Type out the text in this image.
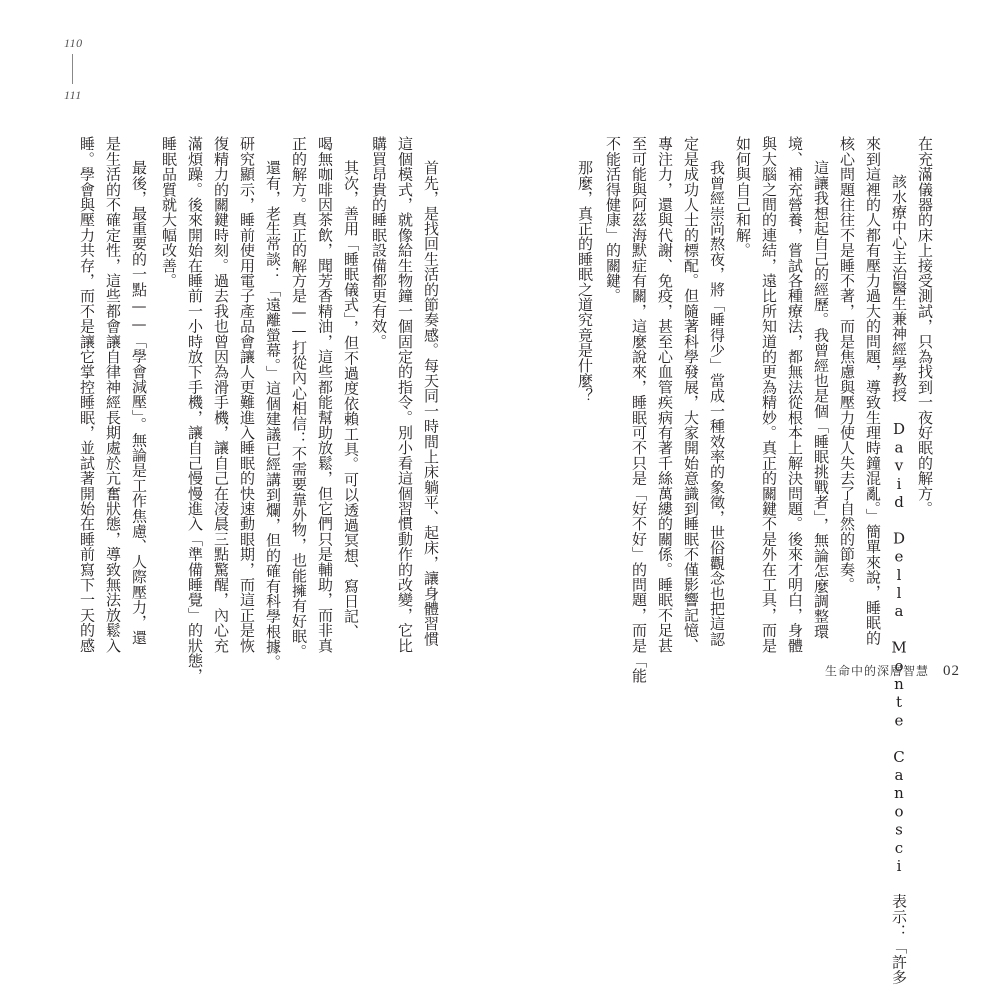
110
111
在充滿儀器的床上接受測試，只為找到一夜好眠的解方。
該水療中心主治醫生兼神經學教授 David Della Monte Canosci 表示：「許多
來到這裡的人都有壓力過大的問題，導致生理時鐘混亂。」簡單來說，睡眠的
核心問題往往不是睡不著，而是焦慮與壓力使人失去了自然的節奏。
這讓我想起自己的經歷。我曾經也是個「睡眠挑戰者」，無論怎麼調整環
境、補充營養，嘗試各種療法，都無法從根本上解決問題。後來才明白，身體
與大腦之間的連結，遠比所知道的更為精妙。真正的關鍵不是外在工具，而是
如何與自己和解。
我曾經崇尚熬夜，將「睡得少」當成一種效率的象徵，世俗觀念也把這認
定是成功人士的標配。但隨著科學發展，大家開始意識到睡眠不僅影響記憶、
專注力，還與代謝、免疫，甚至心血管疾病有著千絲萬縷的關係。睡眠不足甚
至可能與阿茲海默症有關，這麼說來，睡眠可不只是「好不好」的問題，而是「能
不能活得健康」的關鍵。
那麼，真正的睡眠之道究竟是什麼？
首先，是找回生活的節奏感。每天同一時間上床躺平、起床，讓身體習慣
這個模式，就像給生物鐘一個固定的指令。別小看這個習慣動作的改變，它比
購買昂貴的睡眠設備都更有效。
其次，善用「睡眠儀式」，但不過度依賴工具。可以透過冥想、寫日記、
喝無咖啡因茶飲，聞芳香精油，這些都能幫助放鬆，但它們只是輔助，而非真
正的解方。真正的解方是——打從內心相信：不需要靠外物，也能擁有好眠。
還有，老生常談：「遠離螢幕。」這個建議已經講到爛，但的確有科學根據。
研究顯示，睡前使用電子產品會讓人更難進入睡眠的快速動眼期，而這正是恢
復精力的關鍵時刻。過去我也曾因為滑手機，讓自己在凌晨三點驚醒，內心充
滿煩躁。後來開始在睡前一小時放下手機，讓自己慢慢進入「準備睡覺」的狀態，
睡眠品質就大幅改善。
最後，最重要的一點——「學會減壓」。無論是工作焦慮、人際壓力，還
是生活的不確定性，這些都會讓自律神經長期處於亢奮狀態，導致無法放鬆入
睡。學會與壓力共存，而不是讓它掌控睡眠，並試著開始在睡前寫下一天的感
生命中的深層智慧 02
